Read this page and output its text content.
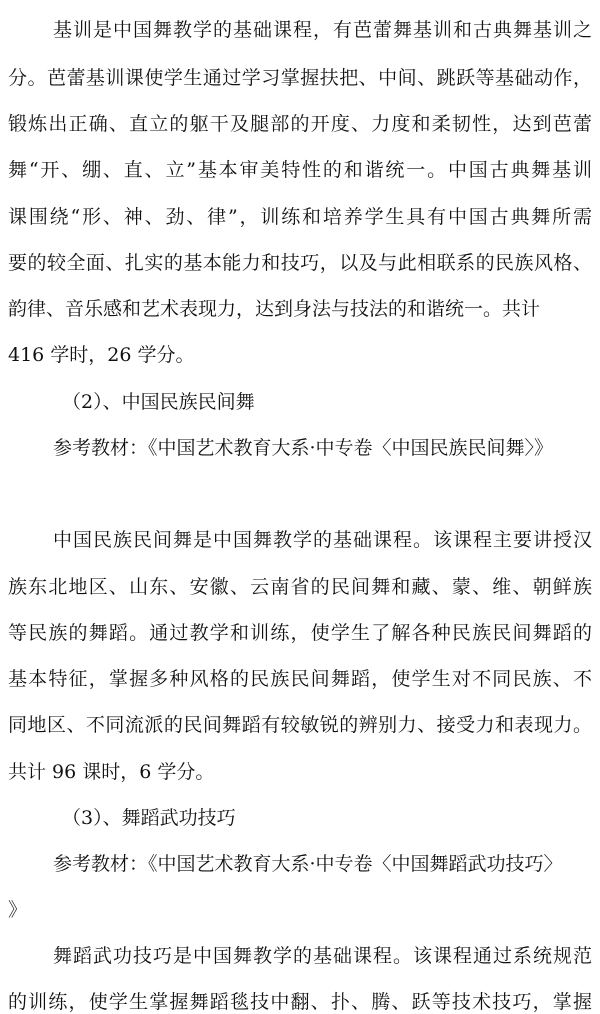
基训是中国舞教学的基础课程，有芭蕾舞基训和古典舞基训之
分。芭蕾基训课使学生通过学习掌握扶把、中间、跳跃等基础动作，
锻炼出正确、直立的躯干及腿部的开度、力度和柔韧性，达到芭蕾
舞“开、绷、直、立”基本审美特性的和谐统一。中国古典舞基训
课围绕“形、神、劲、律”，训练和培养学生具有中国古典舞所需
要的较全面、扎实的基本能力和技巧，以及与此相联系的民族风格、
韵律、音乐感和艺术表现力，达到身法与技法的和谐统一。共计
416 学时，26 学分。
（2）、中国民族民间舞
参考教材：《中国艺术教育大系·中专卷〈中国民族民间舞〉》
中国民族民间舞是中国舞教学的基础课程。该课程主要讲授汉
族东北地区、山东、安徽、云南省的民间舞和藏、蒙、维、朝鲜族
等民族的舞蹈。通过教学和训练，使学生了解各种民族民间舞蹈的
基本特征，掌握多种风格的民族民间舞蹈，使学生对不同民族、不
同地区、不同流派的民间舞蹈有较敏锐的辨别力、接受力和表现力。
共计 96 课时，6 学分。
（3）、舞蹈武功技巧
参考教材：《中国艺术教育大系·中专卷〈中国舞蹈武功技巧〉
》
舞蹈武功技巧是中国舞教学的基础课程。该课程通过系统规范
的训练，使学生掌握舞蹈毯技中翻、扑、腾、跃等技术技巧，掌握
